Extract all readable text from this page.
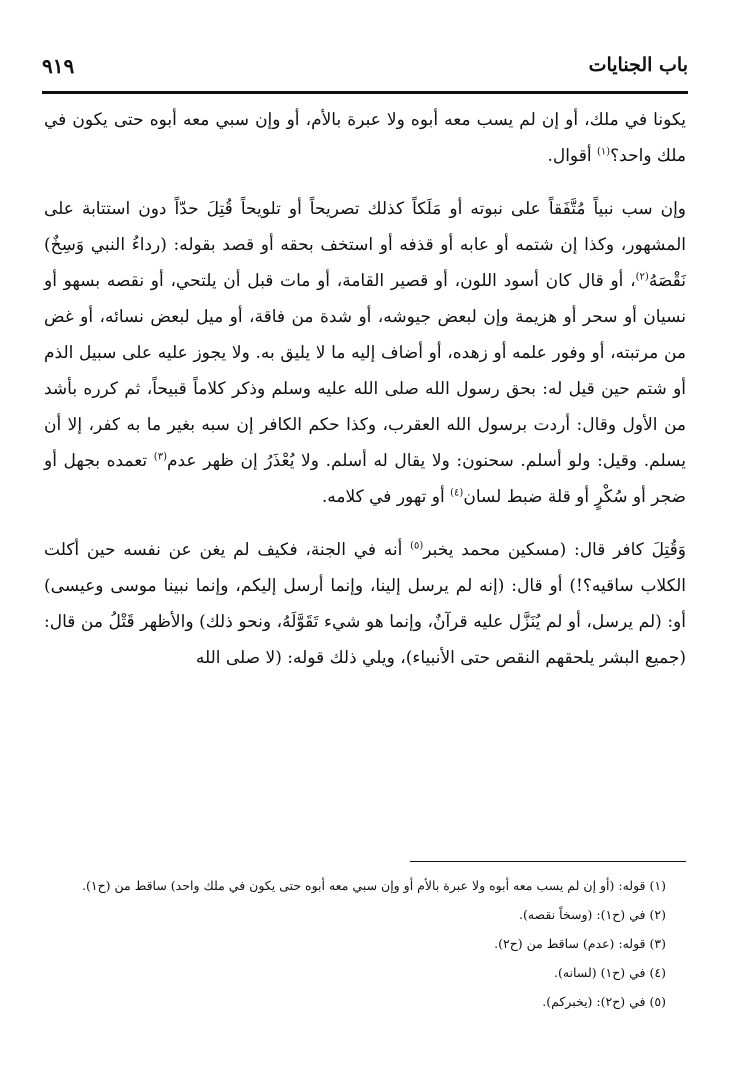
باب الجنايات
٩١٩

يكونا في ملك، أو إن لم يسب معه أبوه ولا عبرة بالأم، أو وإن سبي معه أبوه حتى يكون في ملك واحد؟$^{(١)}$ أقوال.

وإن سب نبياً مُتَّفَقاً على نبوته أو مَلَكاً كذلك تصريحاً أو تلويحاً قُتِلَ حدّاً دون استتابة على المشهور، وكذا إن شتمه أو عابه أو قذفه أو استخف بحقه أو قصد بقوله: (رداءُ النبي وَسِخٌ) نَقْصَهُ$^{(٢)}$، أو قال كان أسود اللون، أو قصير القامة، أو مات قبل أن يلتحي، أو نقصه بسهو أو نسيان أو سحر أو هزيمة وإن لبعض جيوشه، أو شدة من فاقة، أو ميل لبعض نسائه، أو غض من مرتبته، أو وفور علمه أو زهده، أو أضاف إليه ما لا يليق به. ولا يجوز عليه على سبيل الذم أو شتم حين قيل له: بحق رسول الله صلى الله عليه وسلم وذكر كلاماً قبيحاً، ثم كرره بأشد من الأول وقال: أردت برسول الله العقرب، وكذا حكم الكافر إن سبه بغير ما به كفر، إلا أن يسلم. وقيل: ولو أسلم. سحنون: ولا يقال له أسلم. ولا يُعْذَرُ إن ظهر عدم$^{(٣)}$ تعمده بجهل أو ضجر أو سُكْرٍ أو قلة ضبط لسان$^{(٤)}$ أو تهور في كلامه.

وَقُتِلَ كافر قال: (مسكين محمد يخبر$^{(٥)}$ أنه في الجنة، فكيف لم يغن عن نفسه حين أكلت الكلاب ساقيه؟!) أو قال: (إنه لم يرسل إلينا، وإنما أرسل إليكم، وإنما نبينا موسى وعيسى) أو: (لم يرسل، أو لم يُنَزَّل عليه قرآنٌ، وإنما هو شيء تَقَوَّلَهُ، ونحو ذلك) والأظهر قَتْلُ من قال: (جميع البشر يلحقهم النقص حتى الأنبياء)، ويلي ذلك قوله: (لا صلى الله

(١) قوله: (أو إن لم يسب معه أبوه ولا عبرة بالأم أو وإن سبي معه أبوه حتى يكون في ملك واحد) ساقط من (ح١).

(٢) في (ح١): (وسخاً نقصه).

(٣) قوله: (عدم) ساقط من (ح٢).

(٤) في (ح١) (لسانه).

(٥) في (ح٢): (يخبركم).
